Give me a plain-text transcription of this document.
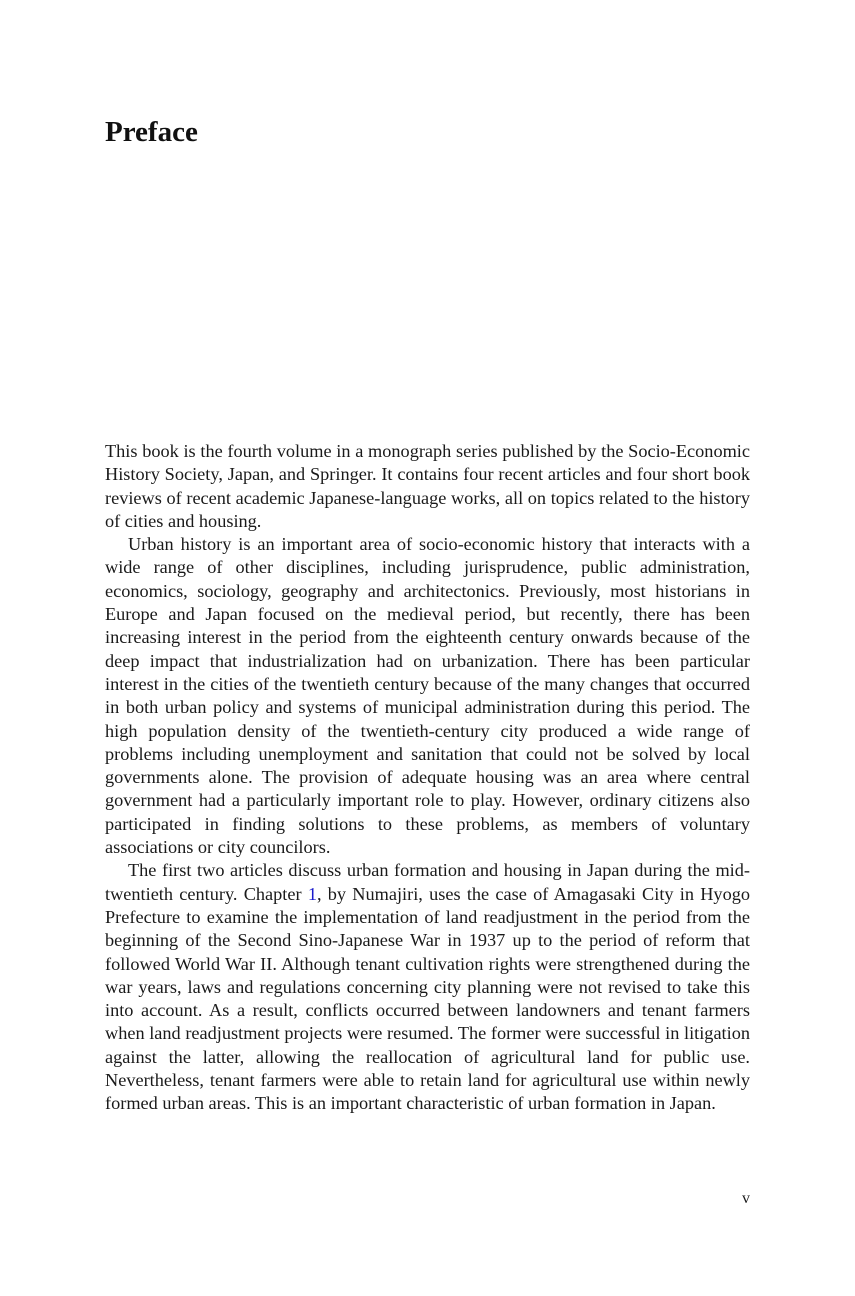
Preface

This book is the fourth volume in a monograph series published by the Socio-Economic History Society, Japan, and Springer. It contains four recent articles and four short book reviews of recent academic Japanese-language works, all on topics related to the history of cities and housing.

Urban history is an important area of socio-economic history that interacts with a wide range of other disciplines, including jurisprudence, public administration, economics, sociology, geography and architectonics. Previously, most historians in Europe and Japan focused on the medieval period, but recently, there has been increasing interest in the period from the eighteenth century onwards because of the deep impact that industrialization had on urbanization. There has been particular interest in the cities of the twentieth century because of the many changes that occurred in both urban policy and systems of municipal administration during this period. The high population density of the twentieth-century city produced a wide range of problems including unemployment and sanitation that could not be solved by local governments alone. The provision of adequate housing was an area where central government had a particularly important role to play. However, ordinary citizens also participated in finding solutions to these problems, as members of voluntary associations or city councilors.

The first two articles discuss urban formation and housing in Japan during the mid-twentieth century. Chapter 1, by Numajiri, uses the case of Amagasaki City in Hyogo Prefecture to examine the implementation of land readjustment in the period from the beginning of the Second Sino-Japanese War in 1937 up to the period of reform that followed World War II. Although tenant cultivation rights were strengthened during the war years, laws and regulations concerning city planning were not revised to take this into account. As a result, conflicts occurred between landowners and tenant farmers when land readjustment projects were resumed. The former were successful in litigation against the latter, allowing the reallocation of agricultural land for public use. Nevertheless, tenant farmers were able to retain land for agricultural use within newly formed urban areas. This is an important characteristic of urban formation in Japan.

v
